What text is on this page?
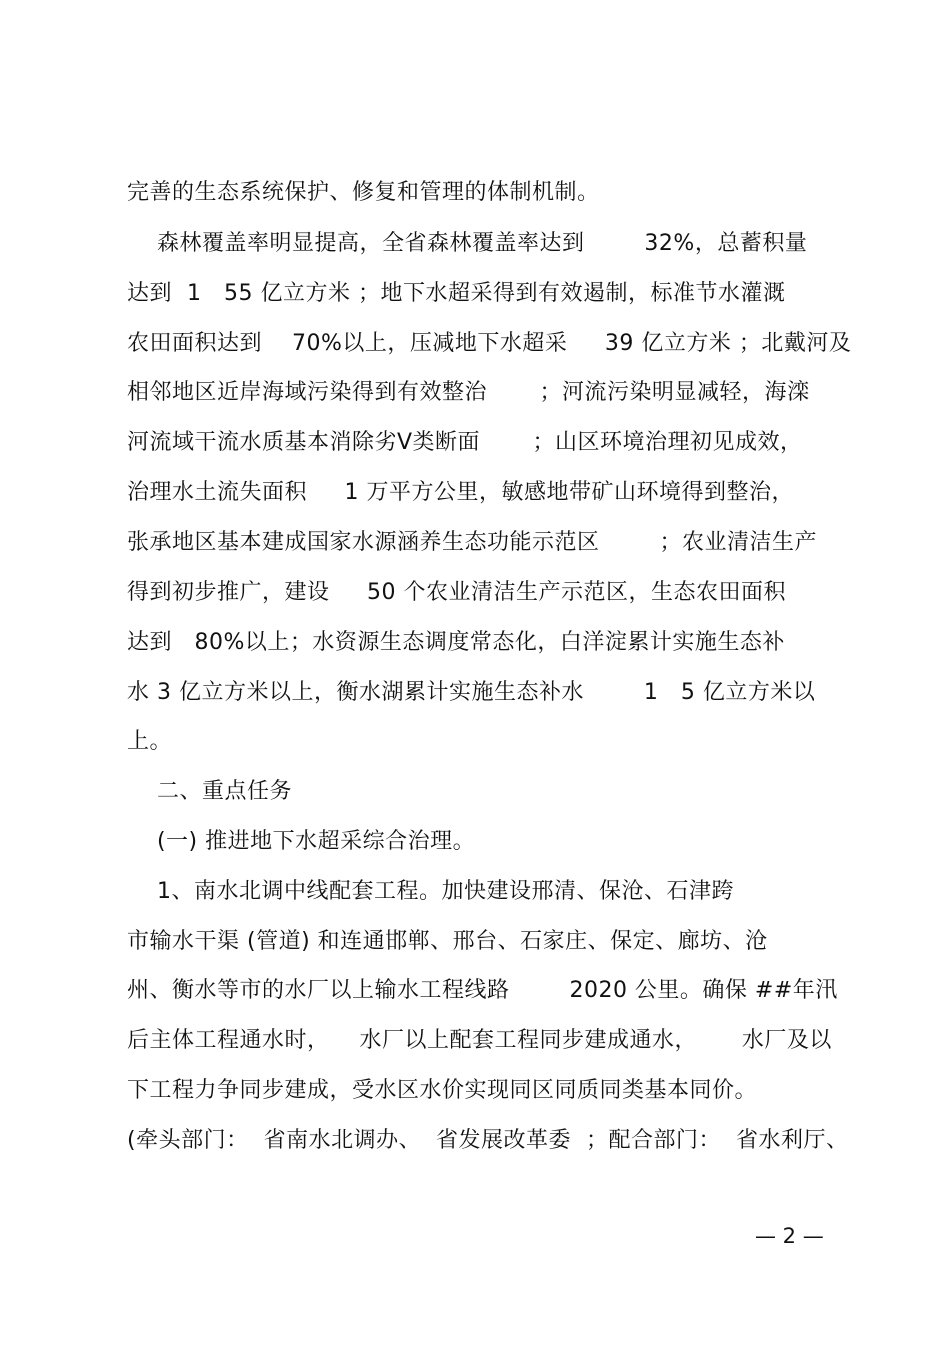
完善的生态系统保护、修复和管理的体制机制。
森林覆盖率明显提高，全省森林覆盖率达到        32%，总蓄积量
达到  1   55 亿立方米 ；地下水超采得到有效遏制，标准节水灌溉
农田面积达到    70%以上，压减地下水超采     39 亿立方米 ；北戴河及
相邻地区近岸海域污染得到有效整治       ；河流污染明显减轻，海滦
河流域干流水质基本消除劣Ⅴ类断面       ；山区环境治理初见成效，
治理水土流失面积     1 万平方公里，敏感地带矿山环境得到整治，
张承地区基本建成国家水源涵养生态功能示范区        ；农业清洁生产
得到初步推广，建设     50 个农业清洁生产示范区，生态农田面积
达到   80%以上；水资源生态调度常态化，白洋淀累计实施生态补
水 3 亿立方米以上，衡水湖累计实施生态补水        1   5 亿立方米以
上。
二、重点任务
(一) 推进地下水超采综合治理。
1、南水北调中线配套工程。加快建设邢清、保沧、石津跨
市输水干渠 (管道) 和连通邯郸、邢台、石家庄、保定、廊坊、沧
州、衡水等市的水厂以上输水工程线路        2020 公里。确保 ##年汛
后主体工程通水时，    水厂以上配套工程同步建成通水，      水厂及以
下工程力争同步建成，受水区水价实现同区同质同类基本同价。
(牵头部门：  省南水北调办、  省发展改革委  ；配合部门：  省水利厅、
— 2 —
